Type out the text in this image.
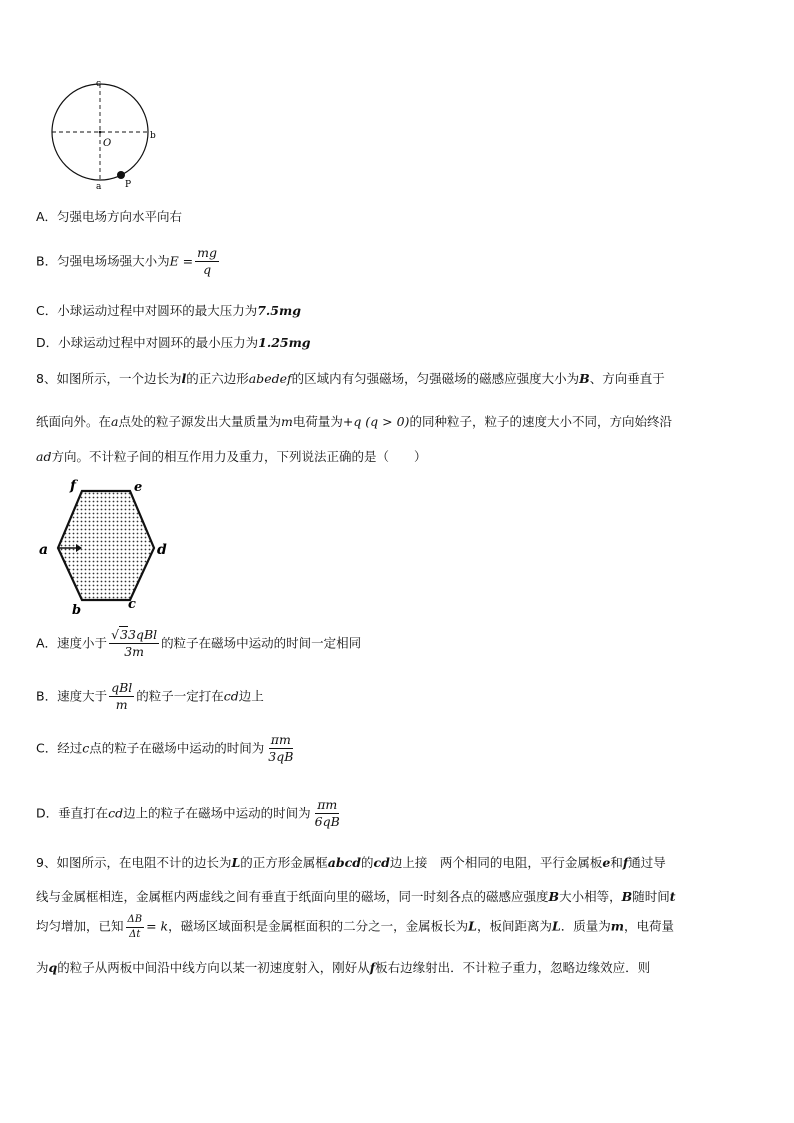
c
b
O
a	P
A．匀强电场方向水平向右
B．匀强电场场强大小为$E = \frac{mg}{q}$
C．小球运动过程中对圆环的最大压力为7.5mg
D．小球运动过程中对圆环的最小压力为1.25mg
8、如图所示，一个边长为l的正六边形abedef的区域内有匀强磁场，匀强磁场的磁感应强度大小为B、方向垂直于
纸面向外。在a点处的粒子源发出大量质量为m电荷量为+q (q > 0)的同种粒子，粒子的速度大小不同，方向始终沿
ad方向。不计粒子间的相互作用力及重力，下列说法正确的是（　　）
f	e
a	d
b	c
A．速度小于 $\frac{\text{√33qBl}}{3m}$ 的粒子在磁场中运动的时间一定相同
B．速度大于 $\frac{\text{qBl}}{m}$ 的粒子一定打在cd边上
C．经过c点的粒子在磁场中运动的时间为 $\frac{\pi m}{3qB}$
D．垂直打在cd边上的粒子在磁场中运动的时间为 $\frac{\pi m}{6qB}$
9、如图所示，在电阻不计的边长为L的正方形金属框abcd的cd边上接　两个相同的电阻，平行金属板e和f通过导
线与金属框相连，金属框内两虚线之间有垂直于纸面向里的磁场，同一时刻各点的磁感应强度B大小相等，B随时间t
均匀增加，已知 $\frac{\Delta B}{\Delta t} = k$，磁场区域面积是金属框面积的二分之一，金属板长为L，板间距离为L．质量为m，电荷量
为q的粒子从两板中间沿中线方向以某一初速度射入，刚好从f板右边缘射出．不计粒子重力，忽略边缘效应．则
